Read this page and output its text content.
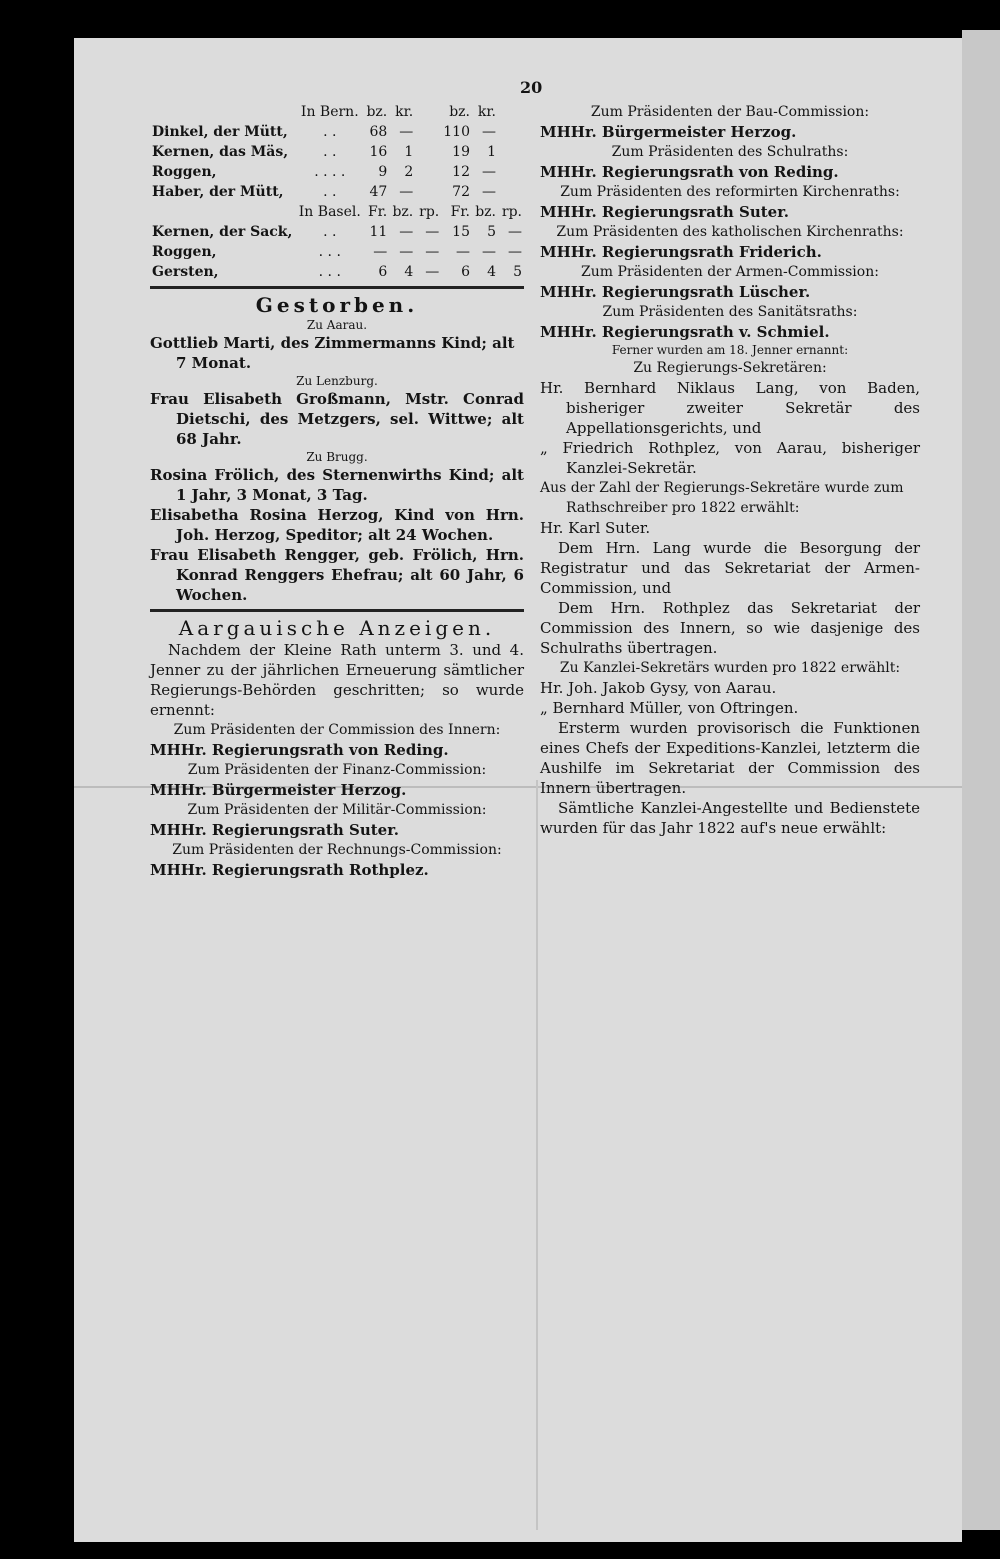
20
	In Bern.	bz.	kr.		bz.	kr.	
Dinkel, der Mütt,	. .	68	—		110	—	
Kernen, das Mäs,	. .	16	1		19	1	
Roggen,	. . . .	9	2		12	—	
Haber, der Mütt,	. .	47	—		72	—	
	In Basel.	Fr.	bz.	rp.	Fr.	bz.	rp.
Kernen, der Sack,	. .	11	—	—	15	5	—
Roggen,	. . .	—	—	—	—	—	—
Gersten,	. . .	6	4	—	6	4	5
Gestorben.
Zu Aarau.

Gottlieb Marti, des Zimmermanns Kind; alt 7 Monat.

Zu Lenzburg.

Frau Elisabeth Großmann, Mstr. Conrad Dietschi, des Metzgers, sel. Wittwe; alt 68 Jahr.

Zu Brugg.

Rosina Frölich, des Sternenwirths Kind; alt 1 Jahr, 3 Monat, 3 Tag.

Elisabetha Rosina Herzog, Kind von Hrn. Joh. Herzog, Speditor; alt 24 Wochen.

Frau Elisabeth Rengger, geb. Frölich, Hrn. Konrad Renggers Ehefrau; alt 60 Jahr, 6 Wochen.

Aargauische Anzeigen.

Nachdem der Kleine Rath unterm 3. und 4. Jenner zu der jährlichen Erneuerung sämtlicher Regierungs-Behörden geschritten; so wurde ernennt:

Zum Präsidenten der Commission des Innern:

MHHr. Regierungsrath von Reding.

Zum Präsidenten der Finanz-Commission:

MHHr. Bürgermeister Herzog.

Zum Präsidenten der Militär-Commission:

MHHr. Regierungsrath Suter.

Zum Präsidenten der Rechnungs-Commission:

MHHr. Regierungsrath Rothplez.

Zum Präsidenten der Bau-Commission:

MHHr. Bürgermeister Herzog.

Zum Präsidenten des Schulraths:

MHHr. Regierungsrath von Reding.

Zum Präsidenten des reformirten Kirchenraths:

MHHr. Regierungsrath Suter.

Zum Präsidenten des katholischen Kirchenraths:

MHHr. Regierungsrath Friderich.

Zum Präsidenten der Armen-Commission:

MHHr. Regierungsrath Lüscher.

Zum Präsidenten des Sanitätsraths:

MHHr. Regierungsrath v. Schmiel.

Ferner wurden am 18. Jenner ernannt:
Zu Regierungs-Sekretären:

Hr. Bernhard Niklaus Lang, von Baden, bisheriger zweiter Sekretär des Appellationsgerichts, und

„ Friedrich Rothplez, von Aarau, bisheriger Kanzlei-Sekretär.

Aus der Zahl der Regierungs-Sekretäre wurde zum Rathschreiber pro 1822 erwählt:

Hr. Karl Suter.

Dem Hrn. Lang wurde die Besorgung der Registratur und das Sekretariat der Armen-Commission, und

Dem Hrn. Rothplez das Sekretariat der Commission des Innern, so wie dasjenige des Schulraths übertragen.

Zu Kanzlei-Sekretärs wurden pro 1822 erwählt:

Hr. Joh. Jakob Gysy, von Aarau.

„ Bernhard Müller, von Oftringen.

Ersterm wurden provisorisch die Funktionen eines Chefs der Expeditions-Kanzlei, letzterm die Aushilfe im Sekretariat der Commission des Innern übertragen.

Sämtliche Kanzlei-Angestellte und Bedienstete wurden für das Jahr 1822 auf's neue erwählt:
